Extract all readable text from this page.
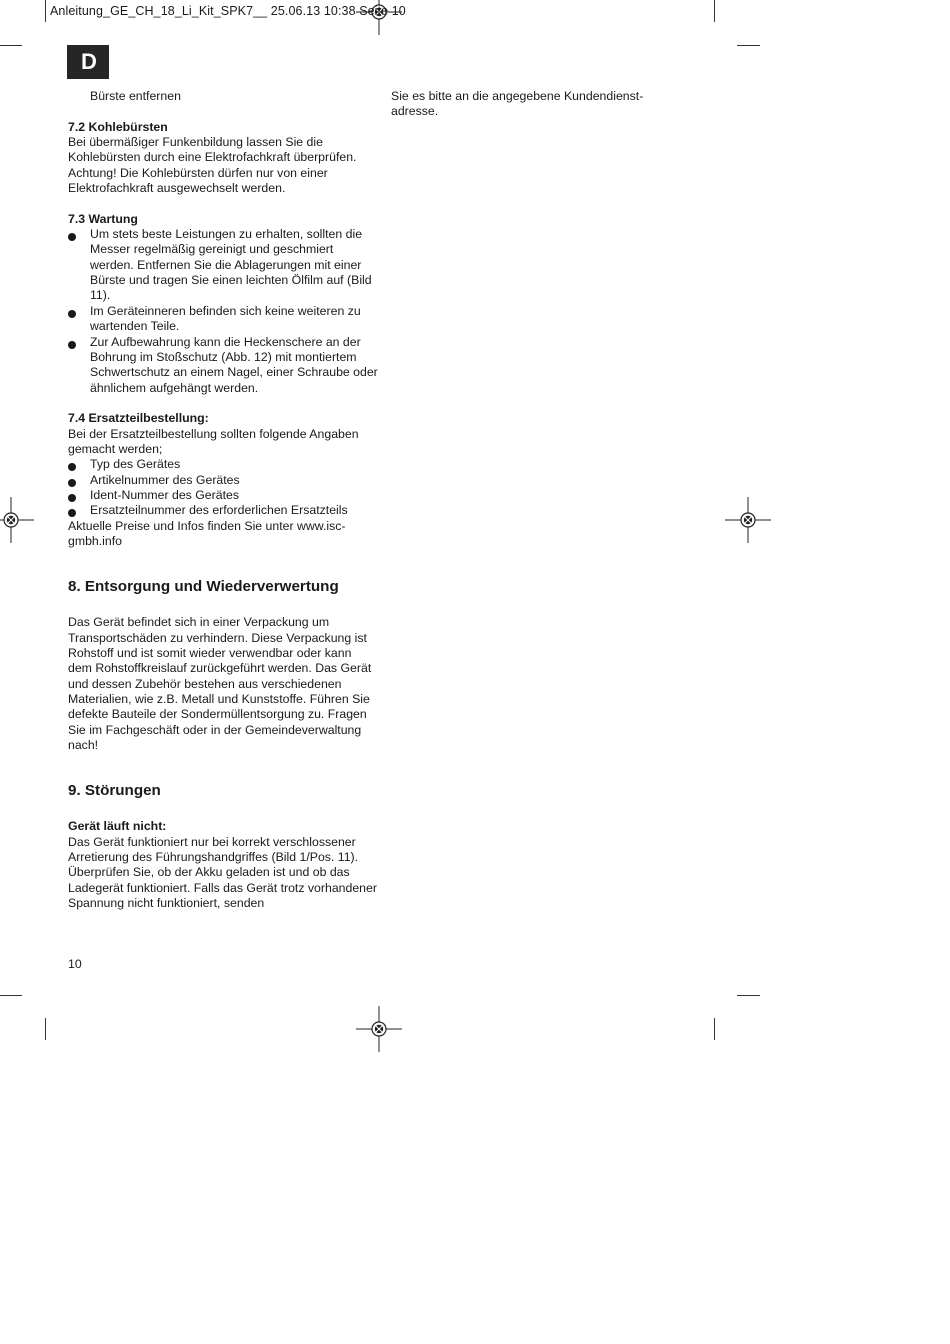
Anleitung_GE_CH_18_Li_Kit_SPK7__ 25.06.13 10:38 Seite 10
D

Bürste entfernen

7.2 Kohlebürsten

Bei übermäßiger Funkenbildung lassen Sie die Kohlebürsten durch eine Elektrofachkraft überprüfen. Achtung! Die Kohlebürsten dürfen nur von einer Elektrofachkraft ausgewechselt werden.

7.3 Wartung

Um stets beste Leistungen zu erhalten, sollten die Messer regelmäßig gereinigt und geschmiert werden. Entfernen Sie die Ablagerungen mit einer Bürste und tragen Sie einen leichten Ölfilm auf (Bild 11).
Im Geräteinneren befinden sich keine weiteren zu wartenden Teile.
Zur Aufbewahrung kann die Heckenschere an der Bohrung im Stoßschutz (Abb. 12) mit montiertem Schwertschutz an einem Nagel, einer Schraube oder ähnlichem aufgehängt werden.

7.4 Ersatzteilbestellung:

Bei der Ersatzteilbestellung sollten folgende Angaben gemacht werden;

Typ des Gerätes
Artikelnummer des Gerätes
Ident-Nummer des Gerätes
Ersatzteilnummer des erforderlichen Ersatzteils

Aktuelle Preise und Infos finden Sie unter www.isc-gmbh.info

8. Entsorgung und Wiederverwertung

Das Gerät befindet sich in einer Verpackung um Transportschäden zu verhindern. Diese Verpackung ist Rohstoff und ist somit wieder verwendbar oder kann dem Rohstoffkreislauf zurückgeführt werden. Das Gerät und dessen Zubehör bestehen aus verschiedenen Materialien, wie z.B. Metall und Kunststoffe. Führen Sie defekte Bauteile der Sondermüllentsorgung zu. Fragen Sie im Fachgeschäft oder in der Gemeindeverwaltung nach!

9. Störungen

Gerät läuft nicht:

Das Gerät funktioniert nur bei korrekt verschlossener Arretierung des Führungshandgriffes (Bild 1/Pos. 11).

Überprüfen Sie, ob der Akku geladen ist und ob das Ladegerät funktioniert. Falls das Gerät trotz vorhandener Spannung nicht funktioniert, senden

Sie es bitte an die angegebene Kundendienst-adresse.

10
